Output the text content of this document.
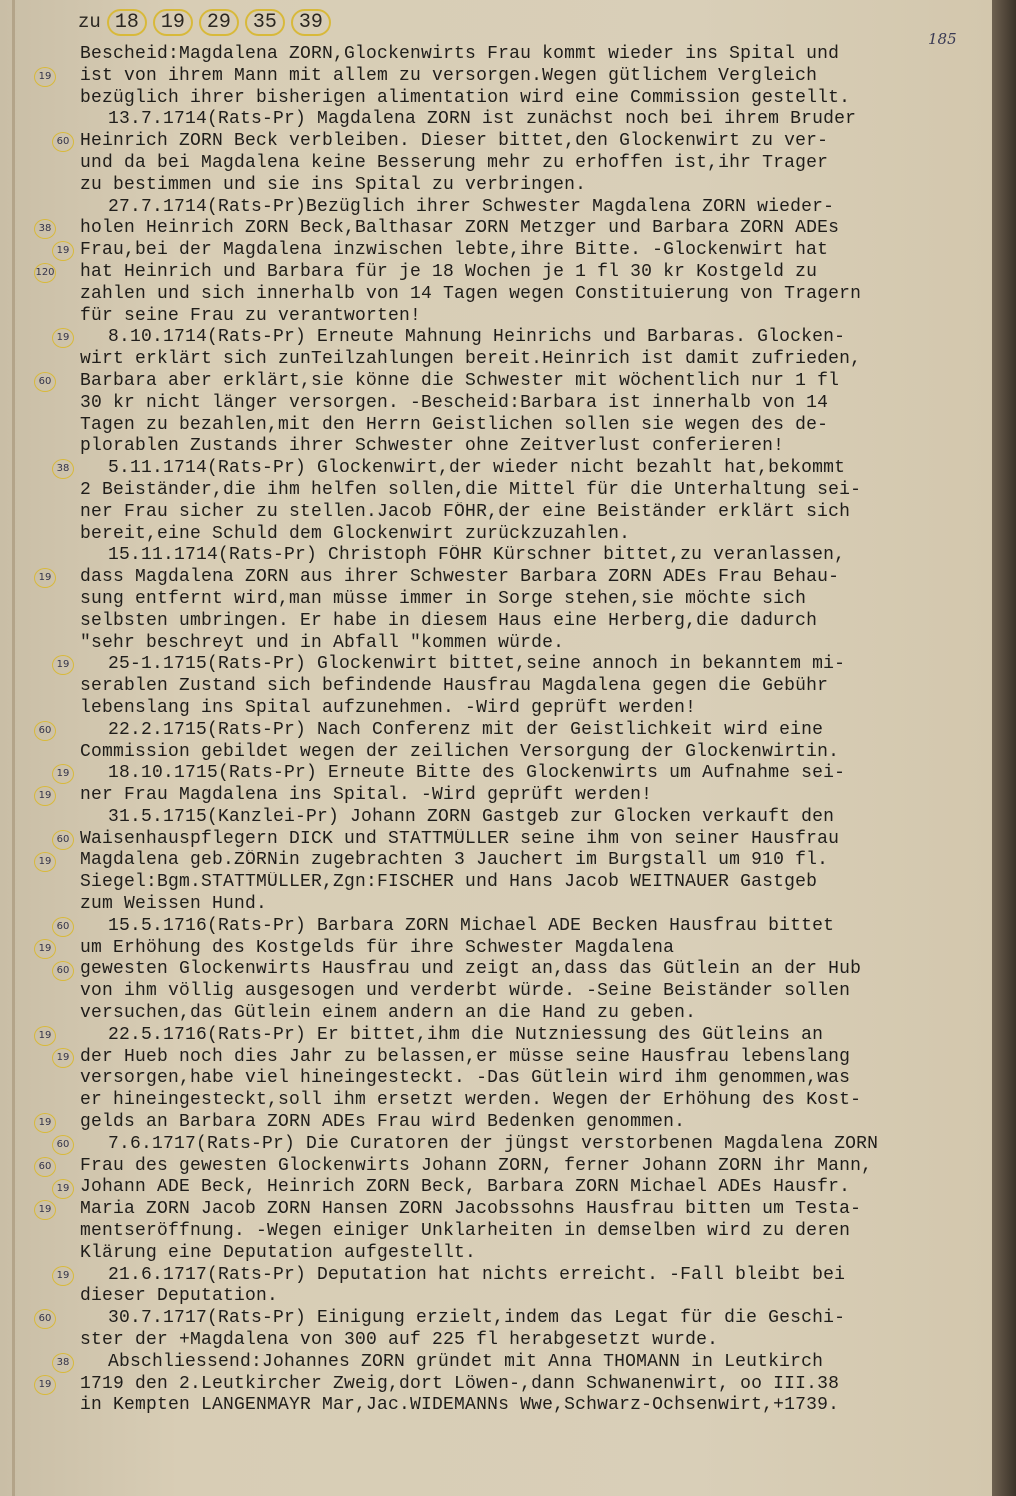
zu 18	19	29	35	39
185
19
60
38
19
120
19
60
38
19
19
60
19
19
60
19
60
19
60
19
19
19
60
60
19
19
19
60
38
19
Bescheid:Magdalena ZORN,Glockenwirts Frau kommt wieder ins Spital und
ist von ihrem Mann mit allem zu versorgen.Wegen gütlichem Vergleich
bezüglich ihrer bisherigen alimentation wird eine Commission gestellt.
13.7.1714(Rats-Pr) Magdalena ZORN ist zunächst noch bei ihrem Bruder
Heinrich ZORN Beck verbleiben. Dieser bittet,den Glockenwirt zu ver-
und da bei Magdalena keine Besserung mehr zu erhoffen ist,ihr Trager
zu bestimmen und sie ins Spital zu verbringen.
27.7.1714(Rats-Pr)Bezüglich ihrer Schwester Magdalena ZORN wieder-
holen Heinrich ZORN Beck,Balthasar ZORN Metzger und Barbara ZORN ADEs
Frau,bei der Magdalena inzwischen lebte,ihre Bitte. -Glockenwirt hat
hat Heinrich und Barbara für je 18 Wochen je 1 fl 30 kr Kostgeld zu
zahlen und sich innerhalb von 14 Tagen wegen Constituierung von Tragern
für seine Frau zu verantworten!
8.10.1714(Rats-Pr) Erneute Mahnung Heinrichs und Barbaras. Glocken-
wirt erklärt sich zunTeilzahlungen bereit.Heinrich ist damit zufrieden,
Barbara aber erklärt,sie könne die Schwester mit wöchentlich nur 1 fl
30 kr nicht länger versorgen. -Bescheid:Barbara ist innerhalb von 14
Tagen zu bezahlen,mit den Herrn Geistlichen sollen sie wegen des de-
plorablen Zustands ihrer Schwester ohne Zeitverlust conferieren!
5.11.1714(Rats-Pr) Glockenwirt,der wieder nicht bezahlt hat,bekommt
2 Beiständer,die ihm helfen sollen,die Mittel für die Unterhaltung sei-
ner Frau sicher zu stellen.Jacob FÖHR,der eine Beiständer erklärt sich
bereit,eine Schuld dem Glockenwirt zurückzuzahlen.
15.11.1714(Rats-Pr) Christoph FÖHR Kürschner bittet,zu veranlassen,
dass Magdalena ZORN aus ihrer Schwester Barbara ZORN ADEs Frau Behau-
sung entfernt wird,man müsse immer in Sorge stehen,sie möchte sich
selbsten umbringen. Er habe in diesem Haus eine Herberg,die dadurch
"sehr beschreyt und in Abfall "kommen würde.
25-1.1715(Rats-Pr) Glockenwirt bittet,seine annoch in bekanntem mi-
serablen Zustand sich befindende Hausfrau Magdalena gegen die Gebühr
lebenslang ins Spital aufzunehmen. -Wird geprüft werden!
22.2.1715(Rats-Pr) Nach Conferenz mit der Geistlichkeit wird eine
Commission gebildet wegen der zeilichen Versorgung der Glockenwirtin.
18.10.1715(Rats-Pr) Erneute Bitte des Glockenwirts um Aufnahme sei-
ner Frau Magdalena ins Spital. -Wird geprüft werden!
31.5.1715(Kanzlei-Pr) Johann ZORN Gastgeb zur Glocken verkauft den
Waisenhauspflegern DICK und STATTMÜLLER seine ihm von seiner Hausfrau
Magdalena geb.ZÖRNin zugebrachten 3 Jauchert im Burgstall um 910 fl.
Siegel:Bgm.STATTMÜLLER,Zgn:FISCHER und Hans Jacob WEITNAUER Gastgeb
zum Weissen Hund.
15.5.1716(Rats-Pr) Barbara ZORN Michael ADE Becken Hausfrau bittet
um Erhöhung des Kostgelds für ihre Schwester Magdalena
gewesten Glockenwirts Hausfrau und zeigt an,dass das Gütlein an der Hub
von ihm völlig ausgesogen und verderbt würde. -Seine Beiständer sollen
versuchen,das Gütlein einem andern an die Hand zu geben.
22.5.1716(Rats-Pr) Er bittet,ihm die Nutzniessung des Gütleins an
der Hueb noch dies Jahr zu belassen,er müsse seine Hausfrau lebenslang
versorgen,habe viel hineingesteckt. -Das Gütlein wird ihm genommen,was
er hineingesteckt,soll ihm ersetzt werden. Wegen der Erhöhung des Kost-
gelds an Barbara ZORN ADEs Frau wird Bedenken genommen.
7.6.1717(Rats-Pr) Die Curatoren der jüngst verstorbenen Magdalena ZORN
Frau des gewesten Glockenwirts Johann ZORN, ferner Johann ZORN ihr Mann,
Johann ADE Beck, Heinrich ZORN Beck, Barbara ZORN Michael ADEs Hausfr.
Maria ZORN Jacob ZORN Hansen ZORN Jacobssohns Hausfrau bitten um Testa-
mentseröffnung. -Wegen einiger Unklarheiten in demselben wird zu deren
Klärung eine Deputation aufgestellt.
21.6.1717(Rats-Pr) Deputation hat nichts erreicht. -Fall bleibt bei
dieser Deputation.
30.7.1717(Rats-Pr) Einigung erzielt,indem das Legat für die Geschi-
ster der +Magdalena von 300 auf 225 fl herabgesetzt wurde.
Abschliessend:Johannes ZORN gründet mit Anna THOMANN in Leutkirch
1719 den 2.Leutkircher Zweig,dort Löwen-,dann Schwanenwirt, oo III.38
in Kempten LANGENMAYR Mar,Jac.WIDEMANNs Wwe,Schwarz-Ochsenwirt,+1739.
